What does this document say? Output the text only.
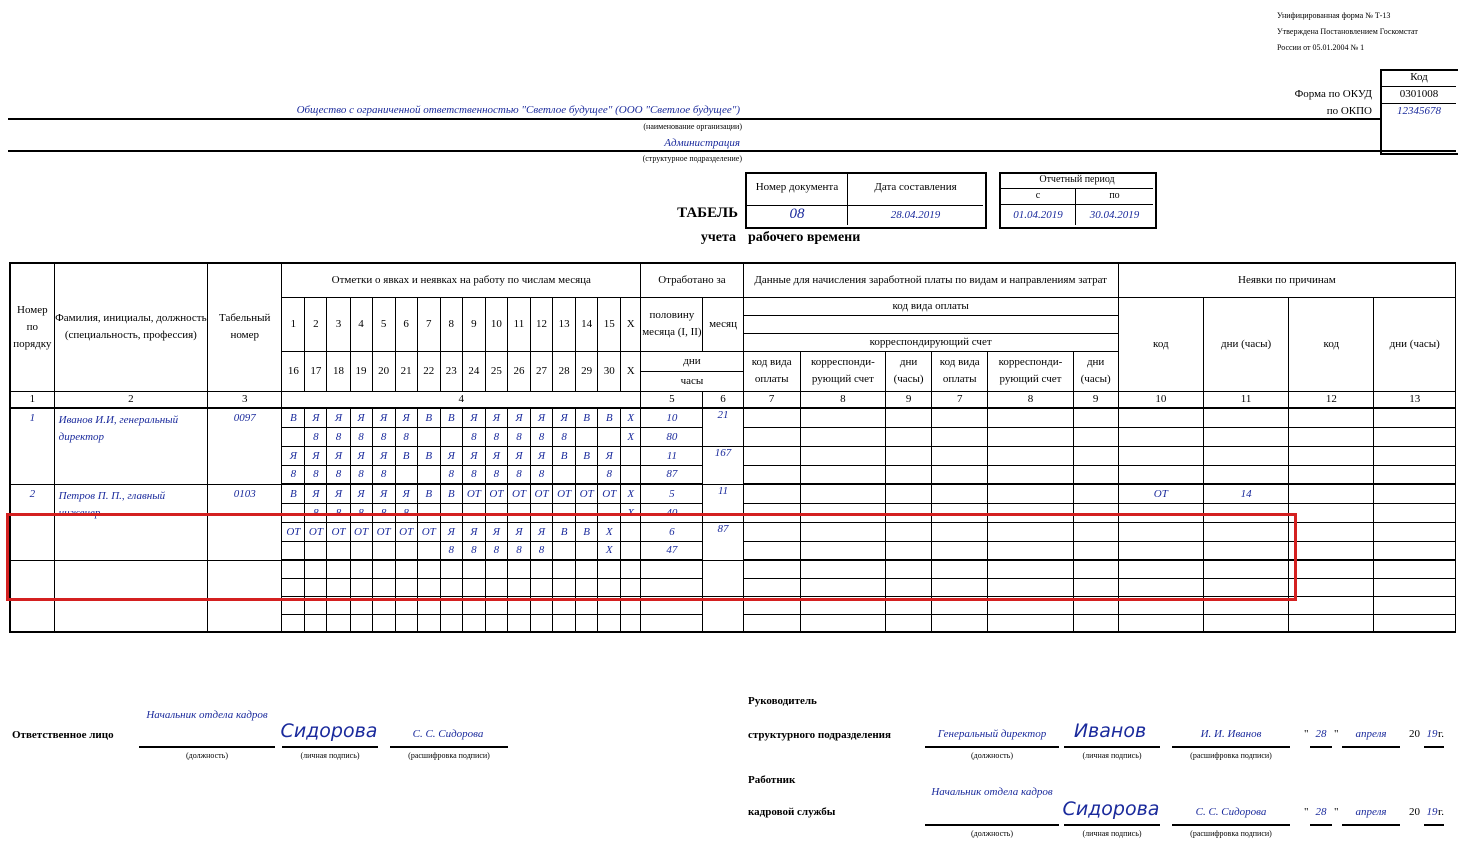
Унифицированная форма № Т-13
Утверждена Постановлением Госкомстат
России от 05.01.2004 № 1
Код
0301008
12345678
Форма по ОКУД
по ОКПО
Общество с ограниченной ответственностью "Светлое будущее" (ООО "Светлое будущее")
(наименование организации)
Администрация
(структурное подразделение)
ТАБЕЛЬ
учета рабочего времени
Номер документа	Дата составления
08	28.04.2019
Отчетный период
с	по
01.04.2019	30.04.2019
Номер по порядку	Фамилия, инициалы, должность (специальность, профессия)	Табельный номер	Отметки о явках и неявках на работу по числам месяца																Отработано за		Данные для начисления заработной платы по видам и направлениям затрат						Неявки по причинам			
			1	2	3	4	5	6	7	8	9	10	11	12	13	14	15	X	половину месяца (I, II)	месяц	код вида оплаты						код	дни (часы)	код	дни (часы)

																					корреспондирующий счет									
			16	17	18	19	20	21	22	23	24	25	26	27	28	29	30	X	дни
часы		код вида оплаты	корреспонди-рующий счет	дни (часы)	код вида оплаты	корреспонди-рующий счет	дни (часы)				
1	2	3	4																5	6	7	8	9	7	8	9	10	11	12	13
1	Иванов И.И, генеральный директор	0097	В	Я	Я	Я	Я	Я	В	В	Я	Я	Я	Я	Я	В	В	X	10	21										
				8	8	8	8	8			8	8	8	8	8			X	80											
			Я	Я	Я	Я	Я	В	В	Я	Я	Я	Я	Я	В	В	Я		11	167										
			8	8	8	8	8			8	8	8	8	8			8		87											
2	Петров П. П., главный инженер	0103	В	Я	Я	Я	Я	Я	В	В	ОТ	ОТ	ОТ	ОТ	ОТ	ОТ	ОТ	X	5	11							ОТ	14		
				8	8	8	8	8										X	40											
			ОТ	ОТ	ОТ	ОТ	ОТ	ОТ	ОТ	Я	Я	Я	Я	Я	В	В	X		6	87										
										8	8	8	8	8			X		47											

Ответственное лицо
Начальник отдела кадров
(должность)
Сидорова
(личная подпись)
С. С. Сидорова
(расшифровка подписи)
Руководитель
структурного подразделения	Генеральный директор
(должность)
Иванов
(личная подпись)
И. И. Иванов
(расшифровка подписи)
" 28 "	апреля	20 19 г.
Работник
кадровой службы
Начальник отдела кадров
(должность)
Сидорова
(личная подпись)
С. С. Сидорова
(расшифровка подписи)
" 28 "	апреля	20 19 г.
